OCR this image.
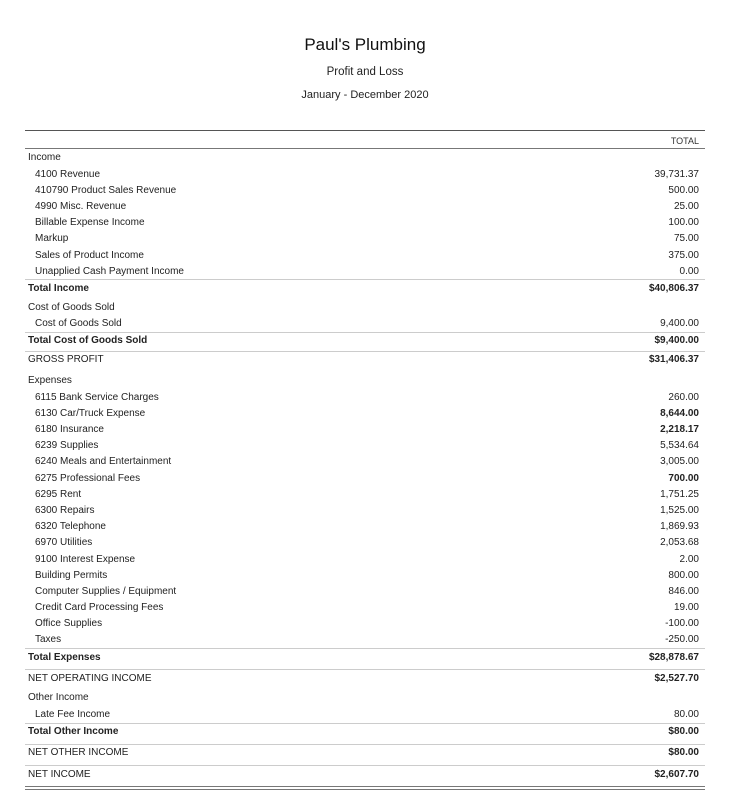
Paul's Plumbing
Profit and Loss
January - December 2020
TOTAL
Income
4100 Revenue	39,731.37
410790 Product Sales Revenue	500.00
4990 Misc. Revenue	25.00
Billable Expense Income	100.00
Markup	75.00
Sales of Product Income	375.00
Unapplied Cash Payment Income	0.00
Total Income	$40,806.37
Cost of Goods Sold
Cost of Goods Sold	9,400.00
Total Cost of Goods Sold	$9,400.00
GROSS PROFIT	$31,406.37
Expenses
6115 Bank Service Charges	260.00
6130 Car/Truck Expense	8,644.00
6180 Insurance	2,218.17
6239 Supplies	5,534.64
6240 Meals and Entertainment	3,005.00
6275 Professional Fees	700.00
6295 Rent	1,751.25
6300 Repairs	1,525.00
6320 Telephone	1,869.93
6970 Utilities	2,053.68
9100 Interest Expense	2.00
Building Permits	800.00
Computer Supplies / Equipment	846.00
Credit Card Processing Fees	19.00
Office Supplies	-100.00
Taxes	-250.00
Total Expenses	$28,878.67
NET OPERATING INCOME	$2,527.70
Other Income
Late Fee Income	80.00
Total Other Income	$80.00
NET OTHER INCOME	$80.00
NET INCOME	$2,607.70
